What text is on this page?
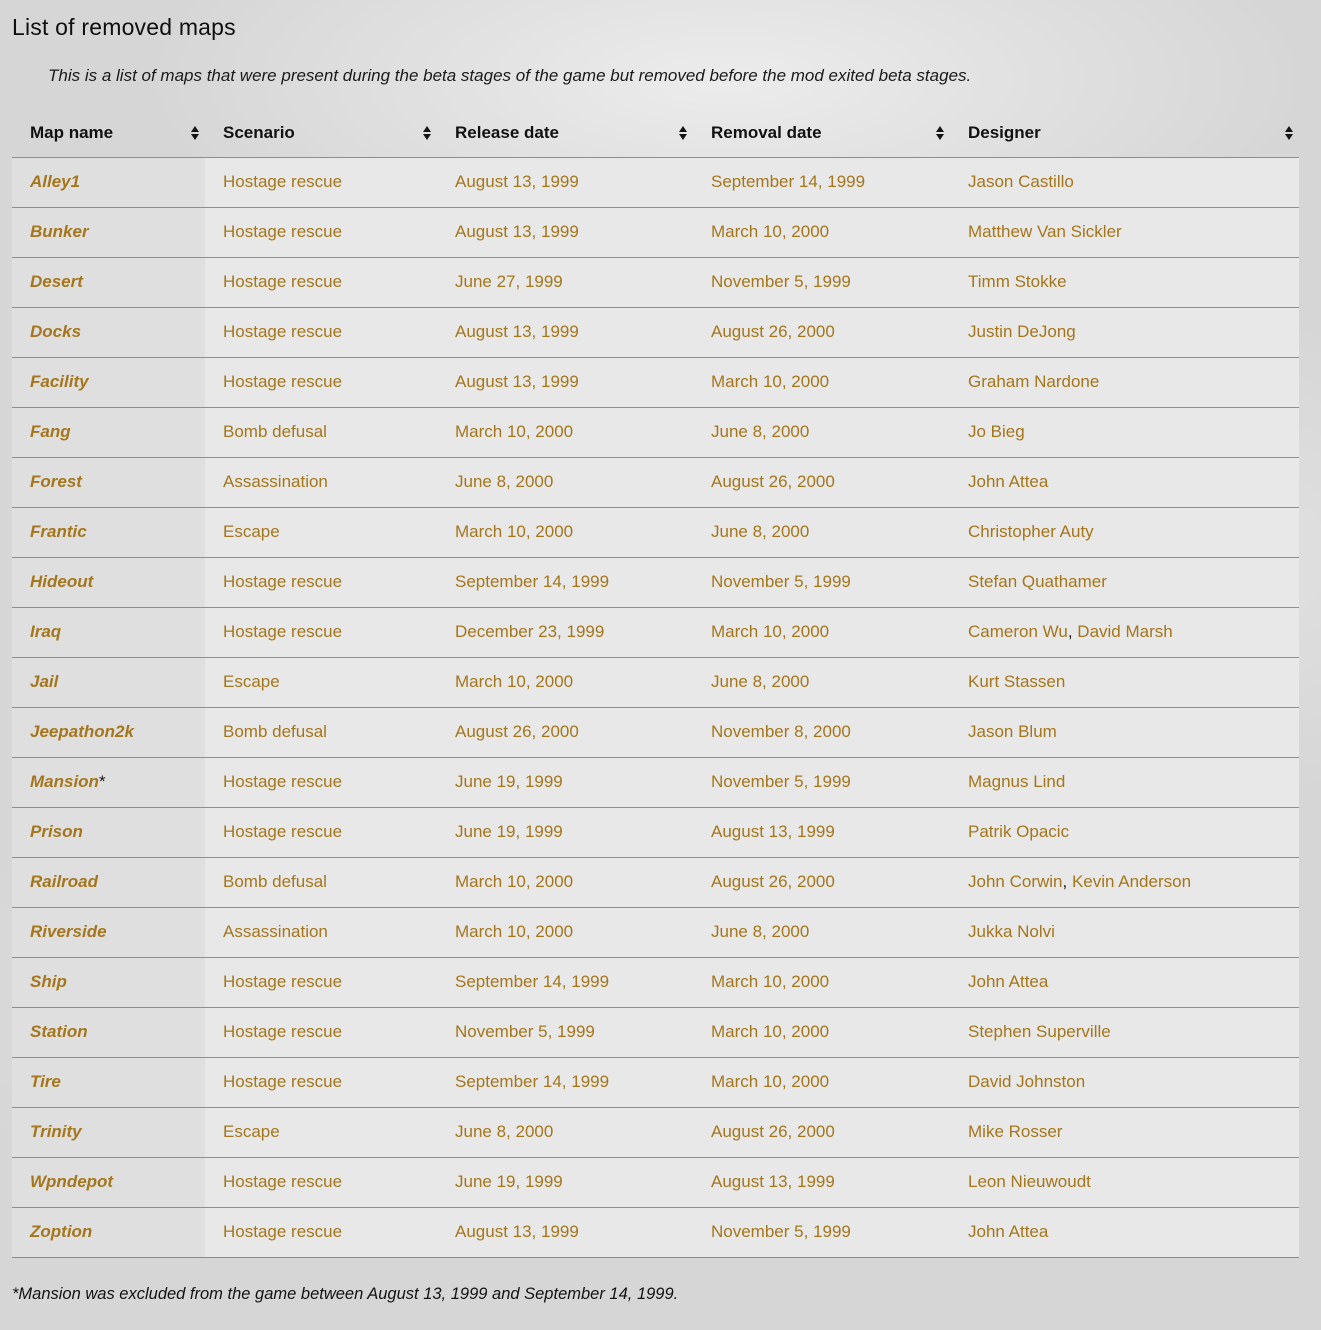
List of removed maps

This is a list of maps that were present during the beta stages of the game but removed before the mod exited beta stages.

Map name	Scenario	Release date	Removal date	Designer

Alley1	Hostage rescue	August 13, 1999	September 14, 1999	Jason Castillo
Bunker	Hostage rescue	August 13, 1999	March 10, 2000	Matthew Van Sickler
Desert	Hostage rescue	June 27, 1999	November 5, 1999	Timm Stokke
Docks	Hostage rescue	August 13, 1999	August 26, 2000	Justin DeJong
Facility	Hostage rescue	August 13, 1999	March 10, 2000	Graham Nardone
Fang	Bomb defusal	March 10, 2000	June 8, 2000	Jo Bieg
Forest	Assassination	June 8, 2000	August 26, 2000	John Attea
Frantic	Escape	March 10, 2000	June 8, 2000	Christopher Auty
Hideout	Hostage rescue	September 14, 1999	November 5, 1999	Stefan Quathamer
Iraq	Hostage rescue	December 23, 1999	March 10, 2000	Cameron Wu, David Marsh
Jail	Escape	March 10, 2000	June 8, 2000	Kurt Stassen
Jeepathon2k	Bomb defusal	August 26, 2000	November 8, 2000	Jason Blum
Mansion*	Hostage rescue	June 19, 1999	November 5, 1999	Magnus Lind
Prison	Hostage rescue	June 19, 1999	August 13, 1999	Patrik Opacic
Railroad	Bomb defusal	March 10, 2000	August 26, 2000	John Corwin, Kevin Anderson
Riverside	Assassination	March 10, 2000	June 8, 2000	Jukka Nolvi
Ship	Hostage rescue	September 14, 1999	March 10, 2000	John Attea
Station	Hostage rescue	November 5, 1999	March 10, 2000	Stephen Superville
Tire	Hostage rescue	September 14, 1999	March 10, 2000	David Johnston
Trinity	Escape	June 8, 2000	August 26, 2000	Mike Rosser
Wpndepot	Hostage rescue	June 19, 1999	August 13, 1999	Leon Nieuwoudt
Zoption	Hostage rescue	August 13, 1999	November 5, 1999	John Attea

*Mansion was excluded from the game between August 13, 1999 and September 14, 1999.
